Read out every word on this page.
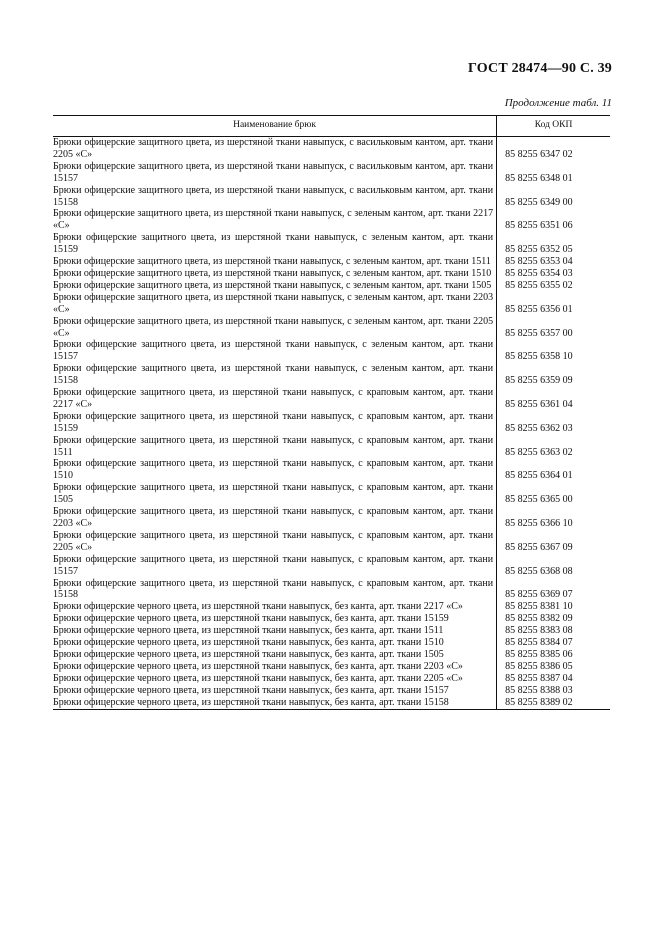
ГОСТ 28474—90 С. 39
Продолжение табл. 11
Наименование брюк	Код ОКП
Брюки офицерские защитного цвета, из шерстяной ткани навыпуск, с васильковым кантом, арт. ткани 2205 «С»	85 8255 6347 02
Брюки офицерские защитного цвета, из шерстяной ткани навыпуск, с васильковым кантом, арт. ткани 15157	85 8255 6348 01
Брюки офицерские защитного цвета, из шерстяной ткани навыпуск, с васильковым кантом, арт. ткани 15158	85 8255 6349 00
Брюки офицерские защитного цвета, из шерстяной ткани навыпуск, с зеленым кантом, арт. ткани 2217 «С»	85 8255 6351 06
Брюки офицерские защитного цвета, из шерстяной ткани навыпуск, с зеленым кантом, арт. ткани 15159	85 8255 6352 05
Брюки офицерские защитного цвета, из шерстяной ткани навыпуск, с зеленым кантом, арт. ткани 1511	85 8255 6353 04
Брюки офицерские защитного цвета, из шерстяной ткани навыпуск, с зеленым кантом, арт. ткани 1510	85 8255 6354 03
Брюки офицерские защитного цвета, из шерстяной ткани навыпуск, с зеленым кантом, арт. ткани 1505	85 8255 6355 02
Брюки офицерские защитного цвета, из шерстяной ткани навыпуск, с зеленым кантом, арт. ткани 2203 «С»	85 8255 6356 01
Брюки офицерские защитного цвета, из шерстяной ткани навыпуск, с зеленым кантом, арт. ткани 2205 «С»	85 8255 6357 00
Брюки офицерские защитного цвета, из шерстяной ткани навыпуск, с зеленым кантом, арт. ткани 15157	85 8255 6358 10
Брюки офицерские защитного цвета, из шерстяной ткани навыпуск, с зеленым кантом, арт. ткани 15158	85 8255 6359 09
Брюки офицерские защитного цвета, из шерстяной ткани навыпуск, с краповым кантом, арт. ткани 2217 «С»	85 8255 6361 04
Брюки офицерские защитного цвета, из шерстяной ткани навыпуск, с краповым кантом, арт. ткани 15159	85 8255 6362 03
Брюки офицерские защитного цвета, из шерстяной ткани навыпуск, с краповым кантом, арт. ткани 1511	85 8255 6363 02
Брюки офицерские защитного цвета, из шерстяной ткани навыпуск, с краповым кантом, арт. ткани 1510	85 8255 6364 01
Брюки офицерские защитного цвета, из шерстяной ткани навыпуск, с краповым кантом, арт. ткани 1505	85 8255 6365 00
Брюки офицерские защитного цвета, из шерстяной ткани навыпуск, с краповым кантом, арт. ткани 2203 «С»	85 8255 6366 10
Брюки офицерские защитного цвета, из шерстяной ткани навыпуск, с краповым кантом, арт. ткани 2205 «С»	85 8255 6367 09
Брюки офицерские защитного цвета, из шерстяной ткани навыпуск, с краповым кантом, арт. ткани 15157	85 8255 6368 08
Брюки офицерские защитного цвета, из шерстяной ткани навыпуск, с краповым кантом, арт. ткани 15158	85 8255 6369 07
Брюки офицерские черного цвета, из шерстяной ткани навыпуск, без канта, арт. ткани 2217 «С»	85 8255 8381 10
Брюки офицерские черного цвета, из шерстяной ткани навыпуск, без канта, арт. ткани 15159	85 8255 8382 09
Брюки офицерские черного цвета, из шерстяной ткани навыпуск, без канта, арт. ткани 1511	85 8255 8383 08
Брюки офицерские черного цвета, из шерстяной ткани навыпуск, без канта, арт. ткани 1510	85 8255 8384 07
Брюки офицерские черного цвета, из шерстяной ткани навыпуск, без канта, арт. ткани 1505	85 8255 8385 06
Брюки офицерские черного цвета, из шерстяной ткани навыпуск, без канта, арт. ткани 2203 «С»	85 8255 8386 05
Брюки офицерские черного цвета, из шерстяной ткани навыпуск, без канта, арт. ткани 2205 «С»	85 8255 8387 04
Брюки офицерские черного цвета, из шерстяной ткани навыпуск, без канта, арт. ткани 15157	85 8255 8388 03
Брюки офицерские черного цвета, из шерстяной ткани навыпуск, без канта, арт. ткани 15158	85 8255 8389 02
